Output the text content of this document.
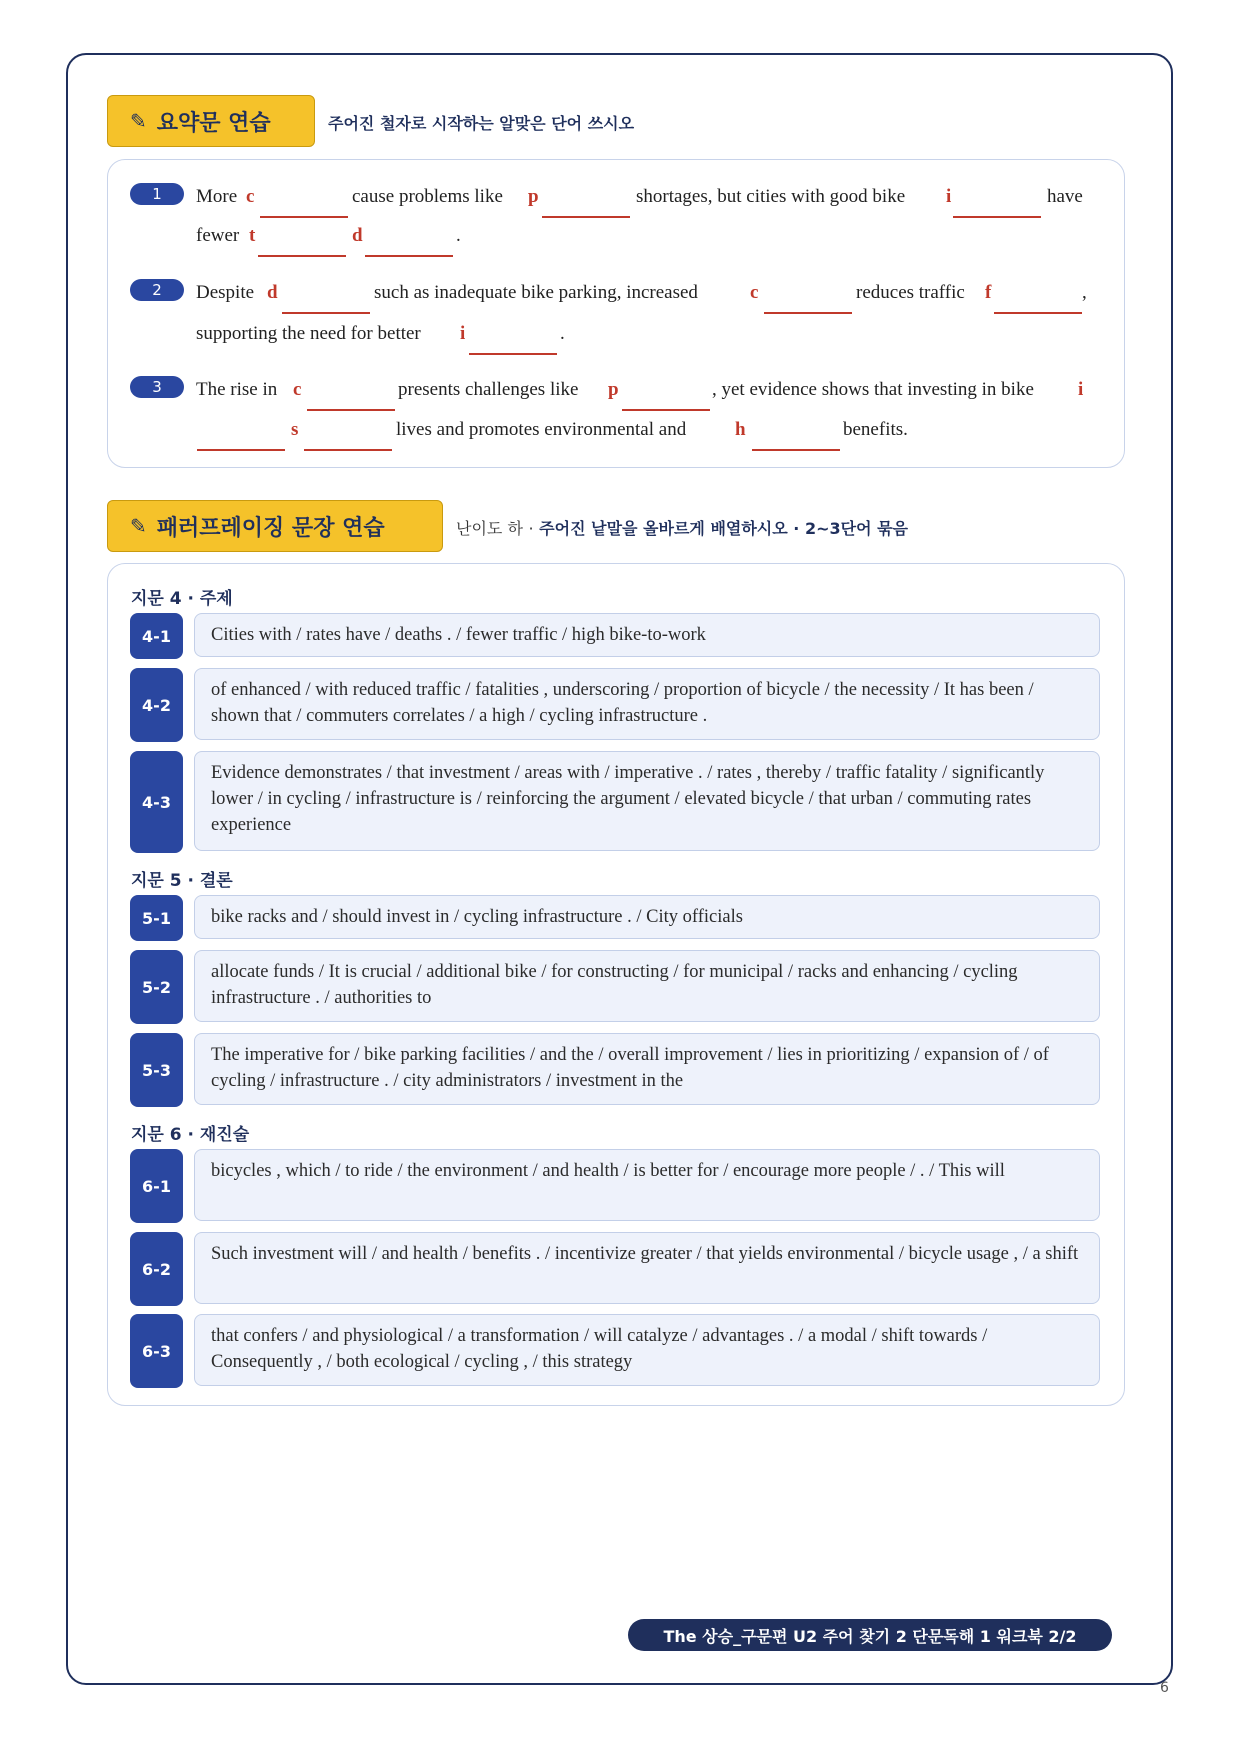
✎ 요약문 연습	주어진 철자로 시작하는 알맞은 단어 쓰시오
1	More c	cause problems like p	shortages, but cities with good bike i	have
fewer t	d	.
2	Despite d	such as inadequate bike parking, increased	c	reduces traffic f	,
supporting the need for better i	.
3	The rise in c	presents challenges like p	, yet evidence shows that investing in bike i
s	lives and promotes environmental and	h	benefits.
✎ 패러프레이징 문장 연습	난이도 하 · 주어진 낱말을 올바르게 배열하시오 · 2~3단어 묶음
지문 4 · 주제
4-1	Cities with / rates have / deaths . / fewer traffic / high bike-to-work
4-2
of enhanced / with reduced traffic / fatalities , underscoring / proportion of bicycle / the necessity / It has been / shown that / commuters correlates / a high / cycling infrastructure .
4-3
Evidence demonstrates / that investment / areas with / imperative . / rates , thereby / traffic fatality / significantly lower / in cycling / infrastructure is / reinforcing the argument / elevated bicycle / that urban / commuting rates experience
지문 5 · 결론
5-1	bike racks and / should invest in / cycling infrastructure . / City officials
5-2
allocate funds / It is crucial / additional bike / for constructing / for municipal / racks and enhancing / cycling infrastructure . / authorities to
5-3
The imperative for / bike parking facilities / and the / overall improvement / lies in prioritizing / expansion of / of cycling / infrastructure . / city administrators / investment in the
지문 6 · 재진술
6-1
bicycles , which / to ride / the environment / and health / is better for / encourage more people / . / This will
6-2
Such investment will / and health / benefits . / incentivize greater / that yields environmental / bicycle usage , / a shift
6-3
that confers / and physiological / a transformation / will catalyze / advantages . / a modal / shift towards / Consequently , / both ecological / cycling , / this strategy
The 상승_구문편 U2 주어 찾기 2 단문독해 1 워크북 2/2
6
